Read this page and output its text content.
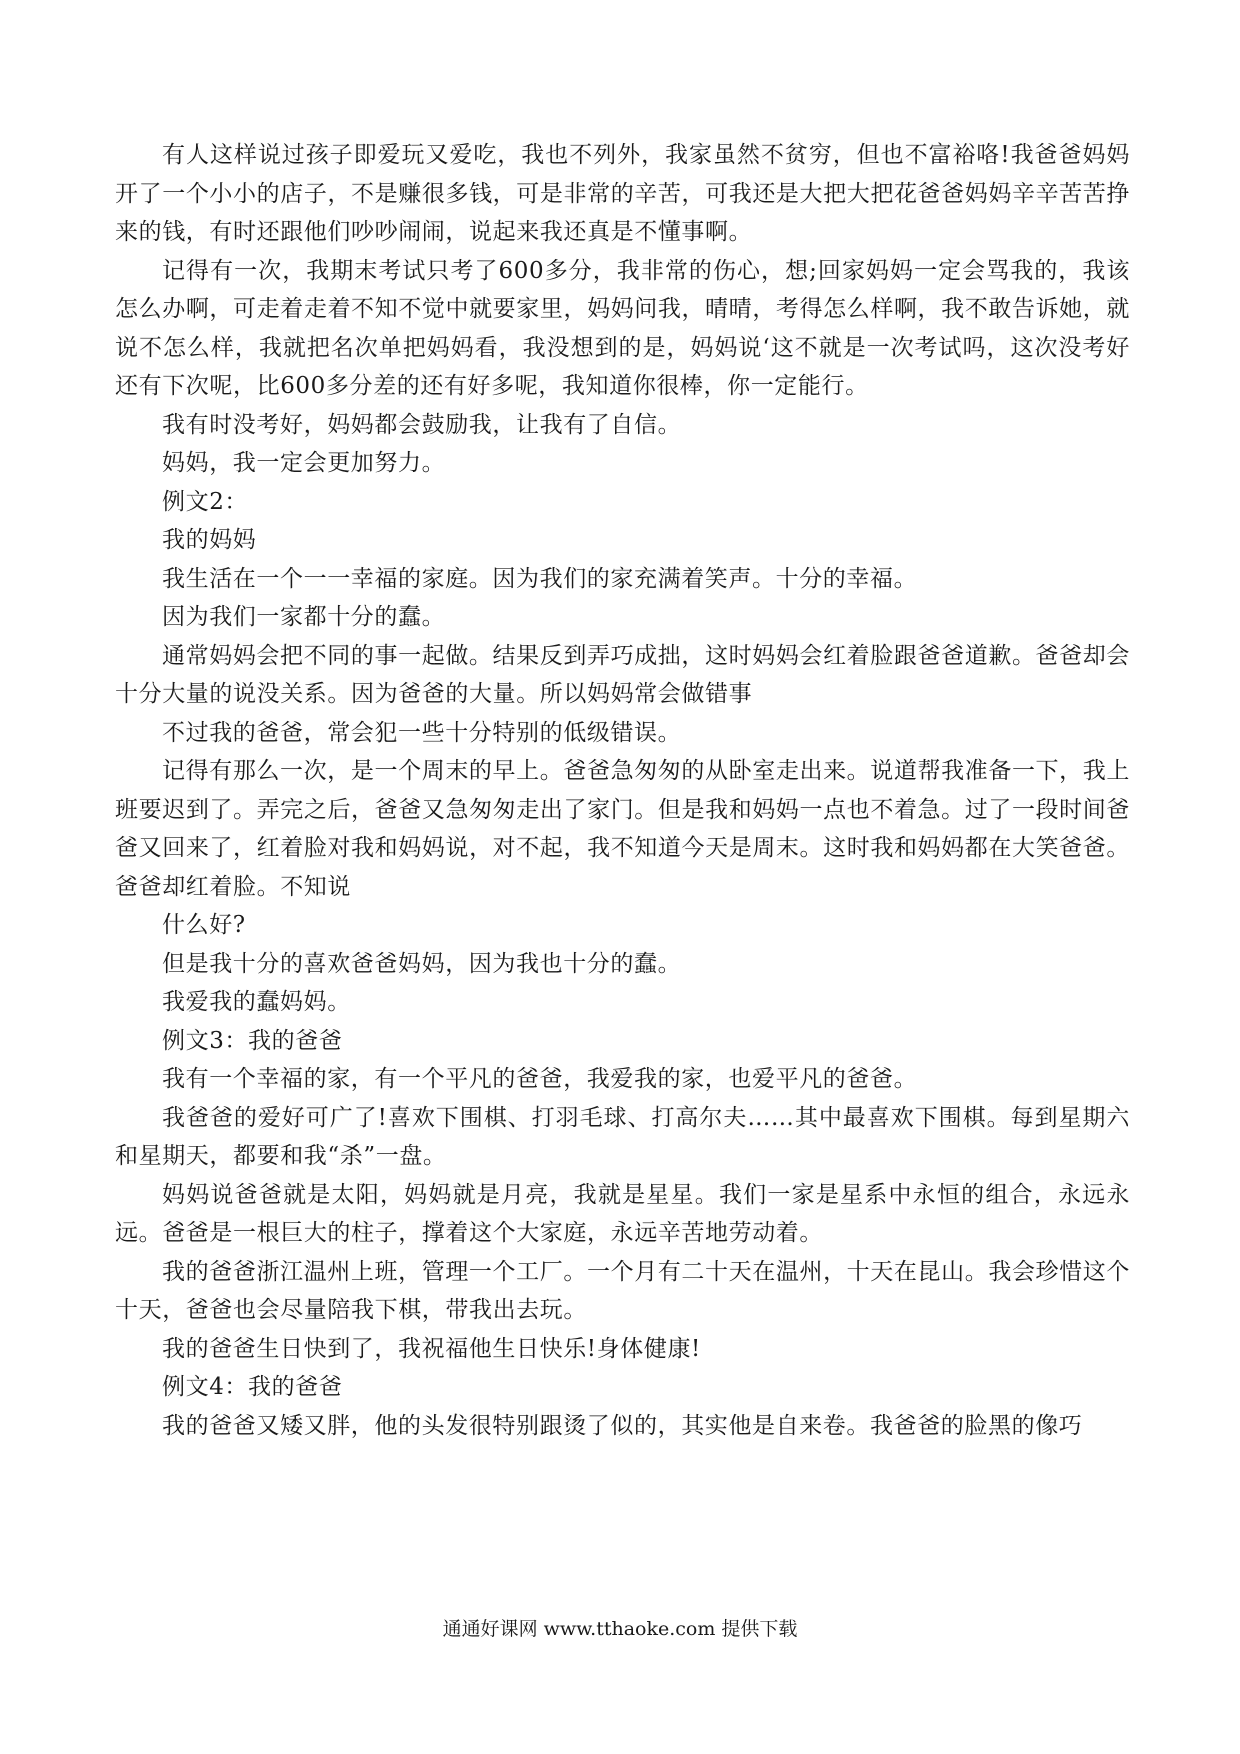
有人这样说过孩子即爱玩又爱吃，我也不列外，我家虽然不贫穷，但也不富裕咯!我爸爸妈妈开了一个小小的店子，不是赚很多钱，可是非常的辛苦，可我还是大把大把花爸爸妈妈辛辛苦苦挣来的钱，有时还跟他们吵吵闹闹，说起来我还真是不懂事啊。

记得有一次，我期末考试只考了600多分，我非常的伤心，想;回家妈妈一定会骂我的，我该怎么办啊，可走着走着不知不觉中就要家里，妈妈问我，晴晴，考得怎么样啊，我不敢告诉她，就说不怎么样，我就把名次单把妈妈看，我没想到的是，妈妈说‘这不就是一次考试吗，这次没考好还有下次呢，比600多分差的还有好多呢，我知道你很棒，你一定能行。

我有时没考好，妈妈都会鼓励我，让我有了自信。

妈妈，我一定会更加努力。

例文2：

我的妈妈

我生活在一个一一幸福的家庭。因为我们的家充满着笑声。十分的幸福。

因为我们一家都十分的蠢。

通常妈妈会把不同的事一起做。结果反到弄巧成拙，这时妈妈会红着脸跟爸爸道歉。爸爸却会十分大量的说没关系。因为爸爸的大量。所以妈妈常会做错事

不过我的爸爸，常会犯一些十分特别的低级错误。

记得有那么一次，是一个周末的早上。爸爸急匆匆的从卧室走出来。说道帮我准备一下，我上班要迟到了。弄完之后，爸爸又急匆匆走出了家门。但是我和妈妈一点也不着急。过了一段时间爸爸又回来了，红着脸对我和妈妈说，对不起，我不知道今天是周末。这时我和妈妈都在大笑爸爸。爸爸却红着脸。不知说

什么好?

但是我十分的喜欢爸爸妈妈，因为我也十分的蠢。

我爱我的蠢妈妈。

例文3：我的爸爸

我有一个幸福的家，有一个平凡的爸爸，我爱我的家，也爱平凡的爸爸。

我爸爸的爱好可广了!喜欢下围棋、打羽毛球、打高尔夫……其中最喜欢下围棋。每到星期六和星期天，都要和我“杀”一盘。

妈妈说爸爸就是太阳，妈妈就是月亮，我就是星星。我们一家是星系中永恒的组合，永远永远。爸爸是一根巨大的柱子，撑着这个大家庭，永远辛苦地劳动着。

我的爸爸浙江温州上班，管理一个工厂。一个月有二十天在温州，十天在昆山。我会珍惜这个十天，爸爸也会尽量陪我下棋，带我出去玩。

我的爸爸生日快到了，我祝福他生日快乐!身体健康!

例文4：我的爸爸

我的爸爸又矮又胖，他的头发很特别跟烫了似的，其实他是自来卷。我爸爸的脸黑的像巧

通通好课网 www.tthaoke.com 提供下载
